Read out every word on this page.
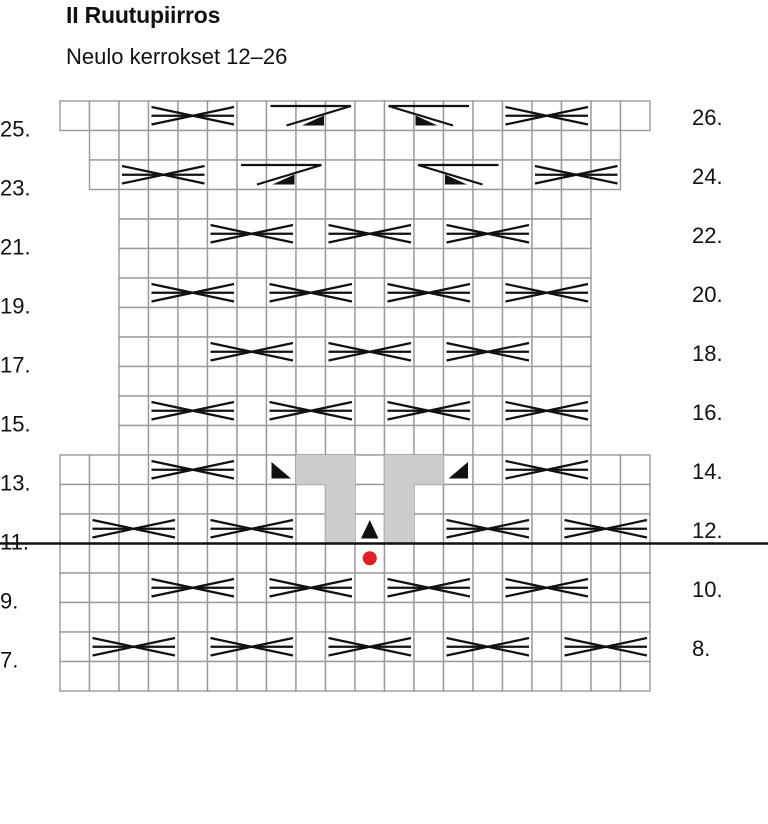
II Ruutupiirros
Neulo kerrokset 12–26
26.
25.
24.
23.
22.
21.
20.
19.
18.
17.
16.
15.
14.
13.
12.
11.
10.
9.
8.
7.
